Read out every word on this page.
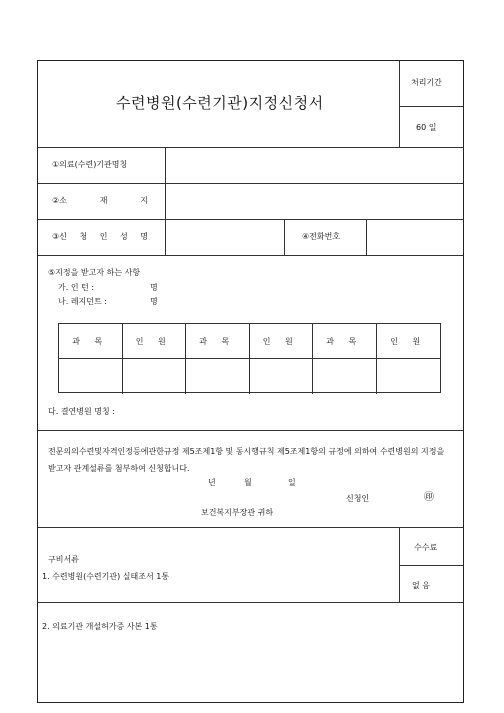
수련병원(수련기관)지정신청서
처리기간
60 일
①의료(수련)기관명칭
②소	재	지
③신 청 인 성 명	④전화번호
⑤지정을 받고자 하는 사항
가. 인 턴 :	명
나. 레지던트 :	명
과 목	인 원	과 목	인 원	과 목	인 원
다. 결연병원 명칭 :
전문의의수련및자격인정등에관한규정 제5조제1항 및 동시행규칙 제5조제1항의 규정에 의하여 수련병원의 지정을 받고자 관계설류를 첨부하여 신청합니다.
년	월	일
신청인	㊞
보건복지부장관 귀하
수수료
없 음
구비서류
1. 수련병원(수련기관) 실태조서 1통
2. 의료기관 개설허가증 사본 1통
